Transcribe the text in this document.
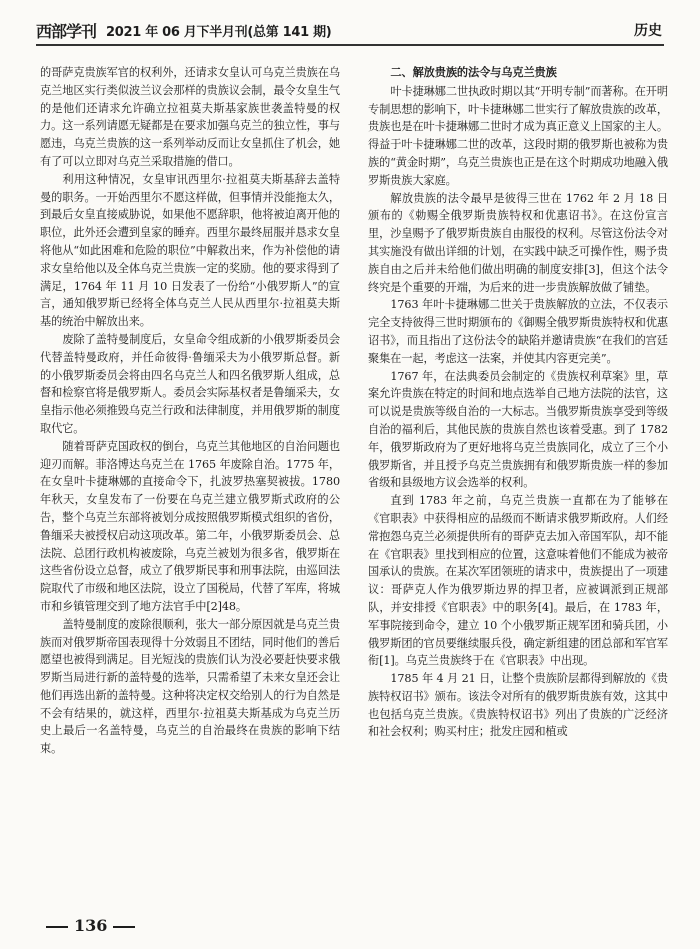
西部学刊 2021 年 06 月下半月刊(总第 141 期)	历史

的哥萨克贵族军官的权利外，还请求女皇认可乌克兰贵族在乌克兰地区实行类似波兰议会那样的贵族议会制，最令女皇生气的是他们还请求允许确立拉祖莫夫斯基家族世袭盖特曼的权力。这一系列请愿无疑都是在要求加强乌克兰的独立性，事与愿违，乌克兰贵族的这一系列举动反而让女皇抓住了机会，她有了可以立即对乌克兰采取措施的借口。

利用这种情况，女皇审讯西里尔·拉祖莫夫斯基辞去盖特曼的职务。一开始西里尔不愿这样做，但事情并没能拖太久，到最后女皇直接威胁说，如果他不愿辞职，他将被迫离开他的职位，此外还会遭到皇家的睡弃。西里尔最终屈服并恳求女皇将他从“如此困难和危险的职位”中解救出来，作为补偿他的请求女皇给他以及全体乌克兰贵族一定的奖励。他的要求得到了满足，1764 年 11 月 10 日发表了一份给“小俄罗斯人”的宣言，通知俄罗斯已经将全体乌克兰人民从西里尔·拉祖莫夫斯基的统治中解放出来。

废除了盖特曼制度后，女皇命令组成新的小俄罗斯委员会代替盖特曼政府，并任命彼得·鲁缅采夫为小俄罗斯总督。新的小俄罗斯委员会将由四名乌克兰人和四名俄罗斯人组成，总督和检察官将是俄罗斯人。委员会实际基权者是鲁缅采夫，女皇指示他必须推毁乌克兰行政和法律制度，并用俄罗斯的制度取代它。

随着哥萨克国政权的倒台，乌克兰其他地区的自治问题也迎刃而解。菲洛博达乌克兰在 1765 年废除自治。1775 年，在女皇叶卡捷琳娜的直接命令下，扎波罗热塞契被拔。1780 年秋天，女皇发布了一份要在乌克兰建立俄罗斯式政府的公告，整个乌克兰东部将被划分成按照俄罗斯模式组织的省份，鲁缅采夫被授权启动这项改革。第二年，小俄罗斯委员会、总法院、总团行政机构被废除，乌克兰被划为很多省，俄罗斯在这些省份设立总督，成立了俄罗斯民事和刑事法院，由巡回法院取代了市级和地区法院，设立了国税局，代替了军库，将城市和乡镇管理交到了地方法官手中[2]48。

盖特曼制度的废除很顺利，张大一部分原因就是乌克兰贵族而对俄罗斯帝国表现得十分效弱且不团结，同时他们的善后愿望也被得到满足。目光短浅的贵族们认为没必要赶快要求俄罗斯当局进行新的盖特曼的选举，只需希望了未来女皇还会让他们再选出新的盖特曼。这种将决定权交给别人的行为自然是不会有结果的，就这样，西里尔·拉祖莫夫斯基成为乌克兰历史上最后一名盖特曼，乌克兰的自治最终在贵族的影响下结束。

二、解放贵族的法令与乌克兰贵族

叶卡捷琳娜二世执政时期以其“开明专制”而著称。在开明专制思想的影响下，叶卡捷琳娜二世实行了解放贵族的改革，贵族也是在叶卡捷琳娜二世时才成为真正意义上国家的主人。得益于叶卡捷琳娜二世的改革，这段时期的俄罗斯也被称为贵族的“黄金时期”，乌克兰贵族也正是在这个时期成功地融入俄罗斯贵族大家庭。

解放贵族的法令最早是彼得三世在 1762 年 2 月 18 日颁布的《勅赐全俄罗斯贵族特权和优惠诏书》。在这份宣言里，沙皇赐予了俄罗斯贵族自由服役的权利。尽管这份法令对其实施没有做出详细的计划，在实践中缺乏可操作性，赐予贵族自由之后并未给他们做出明确的制度安排[3]，但这个法令终究是个重要的开端，为后来的进一步贵族解放做了铺垫。

1763 年叶卡捷琳娜二世关于贵族解放的立法，不仅表示完全支持彼得三世时期颁布的《御赐全俄罗斯贵族特权和优惠诏书》，而且指出了这份法令的缺陷并邀请贵族“在我们的宫廷聚集在一起，考虑这一法案，并使其内容更完美”。

1767 年，在法典委员会制定的《贵族权利草案》里，草案允许贵族在特定的时间和地点选举自己地方法院的法官，这可以说是贵族等级自治的一大标志。当俄罗斯贵族享受到等级自治的福利后，其他民族的贵族自然也该着受惠。到了 1782 年，俄罗斯政府为了更好地将乌克兰贵族同化，成立了三个小俄罗斯省，并且授予乌克兰贵族拥有和俄罗斯贵族一样的参加省级和县级地方议会选举的权利。

直到 1783 年之前，乌克兰贵族一直都在为了能够在《官职表》中获得相应的品级而不断请求俄罗斯政府。人们经常抱怨乌克兰必须提供所有的哥萨克去加入帝国军队，却不能在《官职表》里找到相应的位置，这意味着他们不能成为被帝国承认的贵族。在某次军团领班的请求中，贵族提出了一项建议：哥萨克人作为俄罗斯边界的捍卫者，应被调派到正规部队，并安排授《官职表》中的职务[4]。最后，在 1783 年，军事院接到命令，建立 10 个小俄罗斯正规军团和骑兵团，小俄罗斯团的官员要继续服兵役，确定新组建的团总部和军官军衔[1]。乌克兰贵族终于在《官职表》中出现。

1785 年 4 月 21 日，让整个贵族阶层都得到解放的《贵族特权诏书》颁布。该法令对所有的俄罗斯贵族有效，这其中也包括乌克兰贵族。《贵族特权诏书》列出了贵族的广泛经济和社会权利；购买村庄；批发庄园和植或

136
